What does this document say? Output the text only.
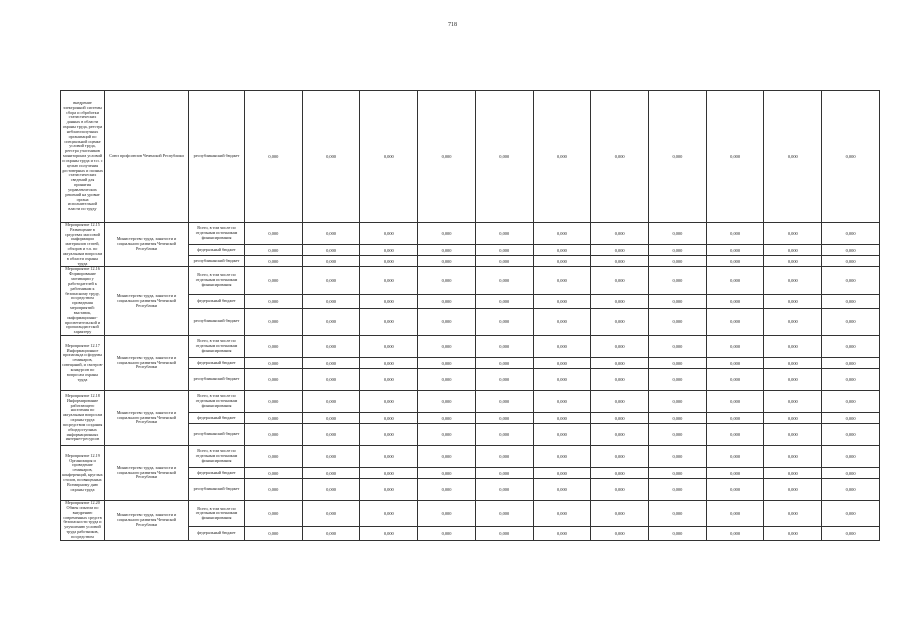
718
внедрение электронной системы сбора и обработки статистических данных в области охраны труда, реестра неблагополучных организаций по специальной оценке условий труда, реестра участников мониторинга условий и охраны труда и т.п. с целью получения достоверных и полных статистических сведений для принятия управленческих решений на уровне органа исполнительной власти по труду	Союз профсоюзов Чеченской Республики	республиканский бюджет	0,000	0,000	0,000	0,000	0,000	0,000	0,000	0,000	0,000	0,000	0,000
Мероприятие 12.15 Размещение в средствах массовой информации материалов статей, обзоров и т.п. по актуальным вопросам в области охраны труда	Министерство труда, занятости и социального развития Чеченской Республики	Всего, в том числе по отдельным источникам финансирования	0,000	0,000	0,000	0,000	0,000	0,000	0,000	0,000	0,000	0,000	0,000
		федеральный бюджет	0,000	0,000	0,000	0,000	0,000	0,000	0,000	0,000	0,000	0,000	0,000
		республиканский бюджет	0,000	0,000	0,000	0,000	0,000	0,000	0,000	0,000	0,000	0,000	0,000
Мероприятие 12.16 Формирование мотивации у работодателей к работникам к безопасному труду, посредством проведения мероприятий: выставок, информационно-просветительской и пропагандистской характеру	Министерство труда, занятости и социального развития Чеченской Республики	Всего, в том числе по отдельным источникам финансирования	0,000	0,000	0,000	0,000	0,000	0,000	0,000	0,000	0,000	0,000	0,000
		федеральный бюджет	0,000	0,000	0,000	0,000	0,000	0,000	0,000	0,000	0,000	0,000	0,000
		республиканский бюджет	0,000	0,000	0,000	0,000	0,000	0,000	0,000	0,000	0,000	0,000	0,000
Мероприятие 12.17 Информационное пропаганда и форумы семинаров, совещаний, и смотров-конкурсов по вопросам охраны труда	Министерство труда, занятости и социального развития Чеченской Республики	Всего, в том числе по отдельным источникам финансирования	0,000	0,000	0,000	0,000	0,000	0,000	0,000	0,000	0,000	0,000	0,000
		федеральный бюджет	0,000	0,000	0,000	0,000	0,000	0,000	0,000	0,000	0,000	0,000	0,000
		республиканский бюджет	0,000	0,000	0,000	0,000	0,000	0,000	0,000	0,000	0,000	0,000	0,000
Мероприятие 12.18 Информирование работающего населения по актуальным вопросам охраны труда посредством создания общедоступных информационных интернет-ресурсов	Министерство труда, занятости и социального развития Чеченской Республики	Всего, в том числе по отдельным источникам финансирования	0,000	0,000	0,000	0,000	0,000	0,000	0,000	0,000	0,000	0,000	0,000
		федеральный бюджет	0,000	0,000	0,000	0,000	0,000	0,000	0,000	0,000	0,000	0,000	0,000
		республиканский бюджет	0,000	0,000	0,000	0,000	0,000	0,000	0,000	0,000	0,000	0,000	0,000
Мероприятие 12.19 Организация и проведение семинаров, конференций, круглых столов, посвященных Всемирному дню охраны труда	Министерство труда, занятости и социального развития Чеченской Республики	Всего, в том числе по отдельным источникам финансирования	0,000	0,000	0,000	0,000	0,000	0,000	0,000	0,000	0,000	0,000	0,000
		федеральный бюджет	0,000	0,000	0,000	0,000	0,000	0,000	0,000	0,000	0,000	0,000	0,000
		республиканский бюджет	0,000	0,000	0,000	0,000	0,000	0,000	0,000	0,000	0,000	0,000	0,000
Мероприятие 12.20 Обмен опытом по внедрению современных средств безопасности труда и улучшению условий труда работников, посредством	Министерство труда, занятости и социального развития Чеченской Республики	Всего, в том числе по отдельным источникам финансирования	0,000	0,000	0,000	0,000	0,000	0,000	0,000	0,000	0,000	0,000	0,000
		федеральный бюджет	0,000	0,000	0,000	0,000	0,000	0,000	0,000	0,000	0,000	0,000	0,000
